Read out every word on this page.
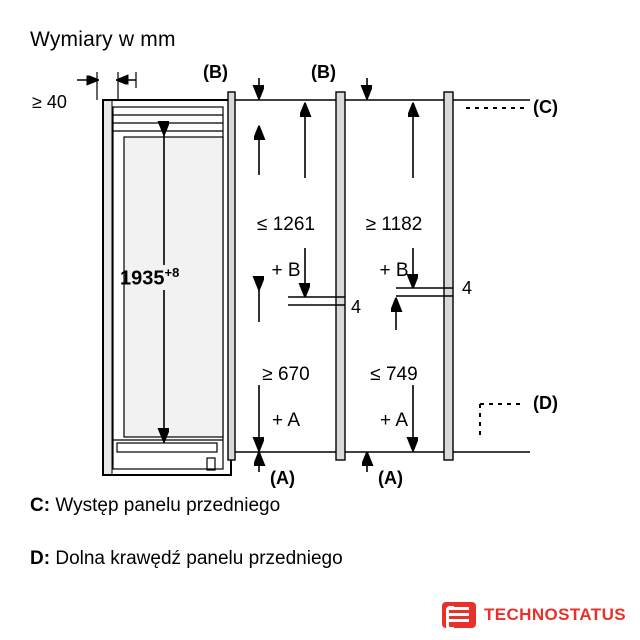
Wymiary w mm
≥ 40
$1935^{+8}$
(B)	(B)
(A)	(A)
(C)
(D)

≤ 1261

+ B

≥ 1182

+ B

≥ 670

+ A

≤ 749

+ A

4
4
C: Występ panelu przedniego
D: Dolna krawędź panelu przedniego
TECHNOSTATUS
